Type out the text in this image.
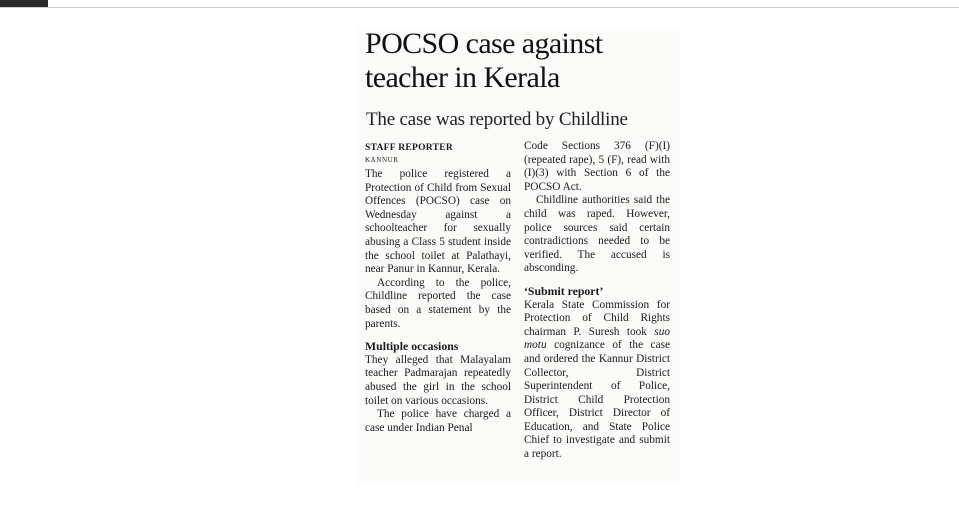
POCSO case against teacher in Kerala
The case was reported by Childline
STAFF REPORTER
KANNUR

The police registered a Protection of Child from Sexual Offences (POCSO) case on Wednesday against a schoolteacher for sexually abusing a Class 5 student inside the school toilet at Palathayi, near Panur in Kannur, Kerala.

According to the police, Childline reported the case based on a statement by the parents.

Multiple occasions

They alleged that Malayalam teacher Padmarajan repeatedly abused the girl in the school toilet on various occasions.

The police have charged a case under Indian Penal

Code Sections 376 (F)(I) (repeated rape), 5 (F), read with (I)(3) with Section 6 of the POCSO Act.

Childline authorities said the child was raped. However, police sources said certain contradictions needed to be verified. The accused is absconding.

‘Submit report’

Kerala State Commission for Protection of Child Rights chairman P. Suresh took suo motu cognizance of the case and ordered the Kannur District Collector, District Superintendent of Police, District Child Protection Officer, District Director of Education, and State Police Chief to investigate and submit a report.
